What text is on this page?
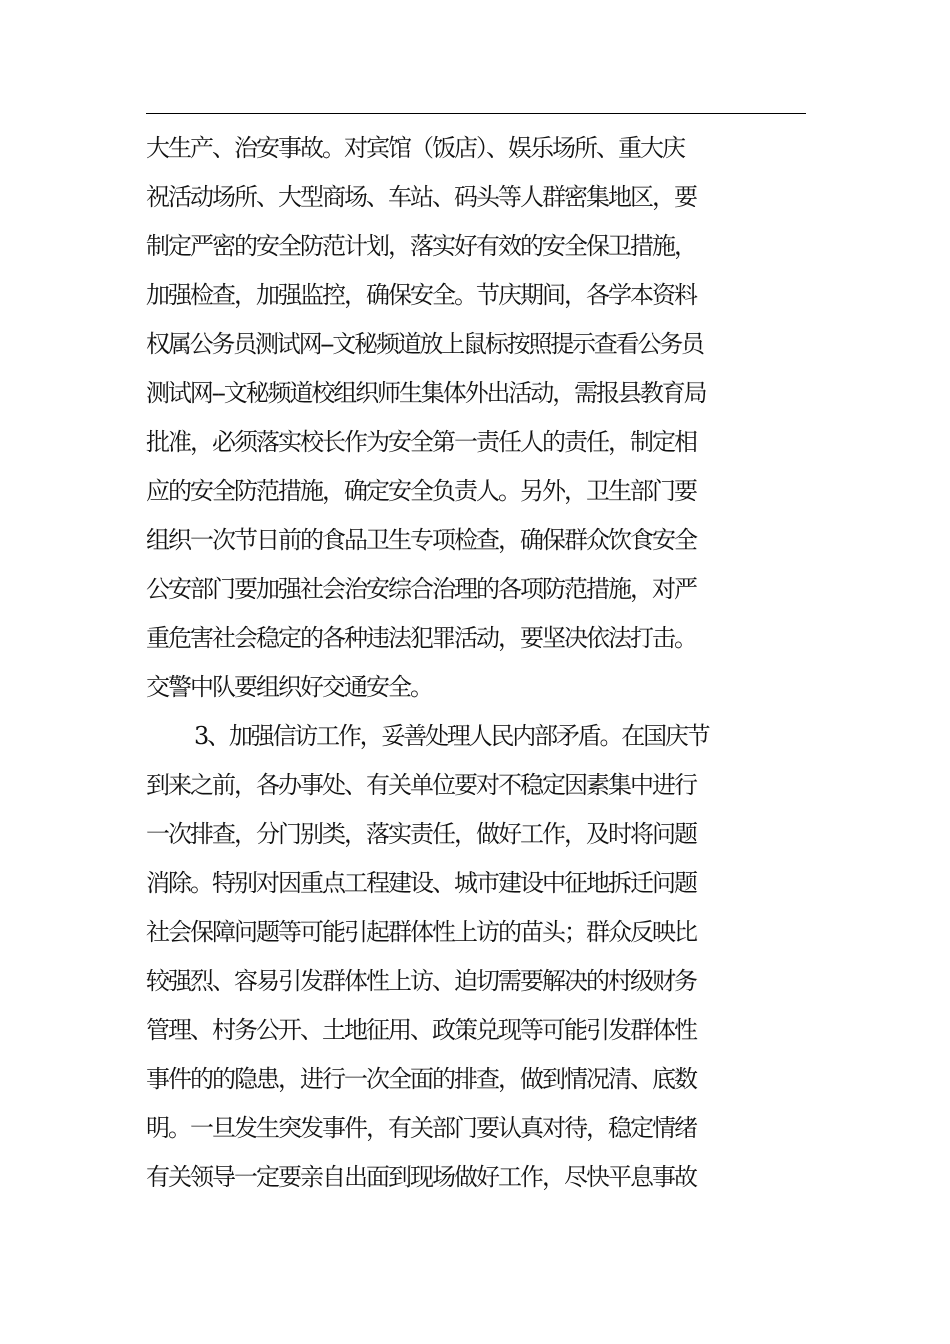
大生产、治安事故。对宾馆（饭店）、娱乐场所、重大庆
祝活动场所、大型商场、车站、码头等人群密集地区，要
制定严密的安全防范计划，落实好有效的安全保卫措施，
加强检查，加强监控，确保安全。节庆期间，各学本资料
权属公务员测试网--文秘频道放上鼠标按照提示查看公务员
测试网--文秘频道校组织师生集体外出活动，需报县教育局
批准，必须落实校长作为安全第一责任人的责任，制定相
应的安全防范措施，确定安全负责人。另外，卫生部门要
组织一次节日前的食品卫生专项检查，确保群众饮食安全
公安部门要加强社会治安综合治理的各项防范措施，对严
重危害社会稳定的各种违法犯罪活动，要坚决依法打击。
交警中队要组织好交通安全。
3、加强信访工作，妥善处理人民内部矛盾。在国庆节
到来之前，各办事处、有关单位要对不稳定因素集中进行
一次排查，分门别类，落实责任，做好工作，及时将问题
消除。特别对因重点工程建设、城市建设中征地拆迁问题
社会保障问题等可能引起群体性上访的苗头；群众反映比
较强烈、容易引发群体性上访、迫切需要解决的村级财务
管理、村务公开、土地征用、政策兑现等可能引发群体性
事件的的隐患，进行一次全面的排查，做到情况清、底数
明。一旦发生突发事件，有关部门要认真对待，稳定情绪
有关领导一定要亲自出面到现场做好工作，尽快平息事故
